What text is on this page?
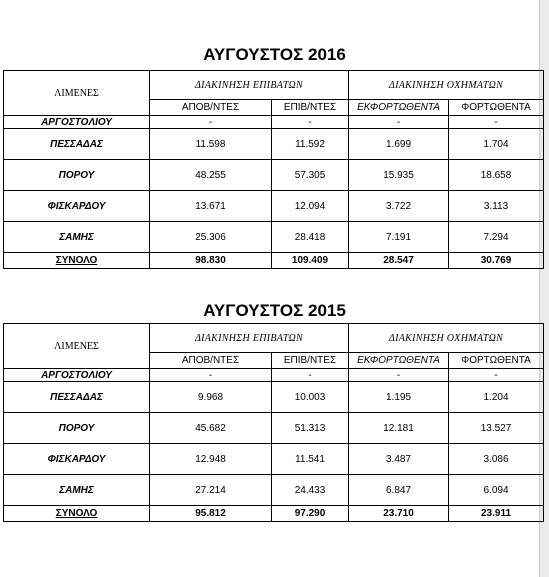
ΑΥΓΟΥΣΤΟΣ 2016
ΛΙΜΕΝΕΣ	ΔΙΑΚΙΝΗΣΗ ΕΠΙΒΑΤΩΝ		ΔΙΑΚΙΝΗΣΗ ΟΧΗΜΑΤΩΝ	
	ΑΠΟΒ/ΝΤΕΣ	ΕΠΙΒ/ΝΤΕΣ	ΕΚΦΟΡΤΩΘΕΝΤΑ	ΦΟΡΤΩΘΕΝΤΑ
ΑΡΓΟΣΤΟΛΙΟΥ	-	-	-	-
ΠΕΣΣΑΔΑΣ	11.598	11.592	1.699	1.704
ΠΟΡΟΥ	48.255	57.305	15.935	18.658
ΦΙΣΚΑΡΔΟΥ	13.671	12.094	3.722	3.113
ΣΑΜΗΣ	25.306	28.418	7.191	7.294
ΣΥΝΟΛΟ	98.830	109.409	28.547	30.769
ΑΥΓΟΥΣΤΟΣ 2015
ΛΙΜΕΝΕΣ	ΔΙΑΚΙΝΗΣΗ ΕΠΙΒΑΤΩΝ		ΔΙΑΚΙΝΗΣΗ ΟΧΗΜΑΤΩΝ	
	ΑΠΟΒ/ΝΤΕΣ	ΕΠΙΒ/ΝΤΕΣ	ΕΚΦΟΡΤΩΘΕΝΤΑ	ΦΟΡΤΩΘΕΝΤΑ
ΑΡΓΟΣΤΟΛΙΟΥ	-	-	-	-
ΠΕΣΣΑΔΑΣ	9.968	10.003	1.195	1.204
ΠΟΡΟΥ	45.682	51.313	12.181	13.527
ΦΙΣΚΑΡΔΟΥ	12.948	11.541	3.487	3.086
ΣΑΜΗΣ	27.214	24.433	6.847	6.094
ΣΥΝΟΛΟ	95.812	97.290	23.710	23.911
